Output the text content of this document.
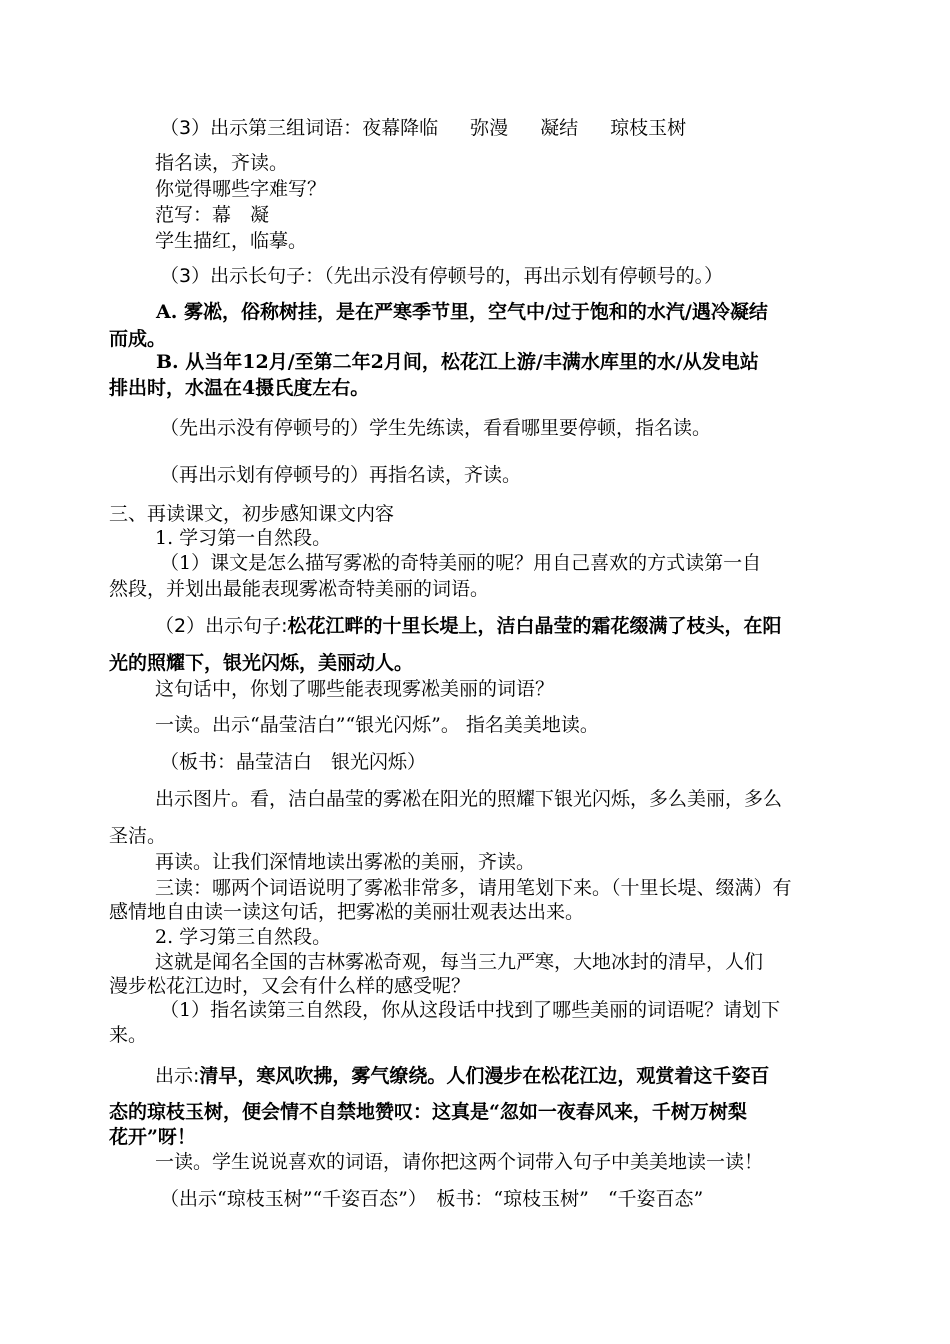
（3）出示第三组词语：夜幕降临 弥漫 凝结 琼枝玉树
指名读，齐读。
你觉得哪些字难写？
范写：幕　凝
学生描红，临摹。
（3）出示长句子：（先出示没有停顿号的，再出示划有停顿号的。）
A. 雾凇，俗称树挂，是在严寒季节里，空气中/过于饱和的水汽/遇冷凝结
而成。
B. 从当年12月/至第二年2月间，松花江上游/丰满水库里的水/从发电站
排出时，水温在4摄氏度左右。
（先出示没有停顿号的）学生先练读，看看哪里要停顿，指名读。
（再出示划有停顿号的）再指名读，齐读。
三、再读课文，初步感知课文内容
1. 学习第一自然段。
（1）课文是怎么描写雾凇的奇特美丽的呢？用自己喜欢的方式读第一自
然段，并划出最能表现雾凇奇特美丽的词语。
（2）出示句子:松花江畔的十里长堤上，洁白晶莹的霜花缀满了枝头，在阳
光的照耀下，银光闪烁，美丽动人。
这句话中，你划了哪些能表现雾凇美丽的词语？
一读。出示“晶莹洁白”“银光闪烁”。 指名美美地读。
（板书：晶莹洁白　银光闪烁）
出示图片。看，洁白晶莹的雾凇在阳光的照耀下银光闪烁，多么美丽，多么
圣洁。
再读。让我们深情地读出雾凇的美丽，齐读。
三读：哪两个词语说明了雾凇非常多，请用笔划下来。（十里长堤、缀满）有
感情地自由读一读这句话，把雾凇的美丽壮观表达出来。
2. 学习第三自然段。
这就是闻名全国的吉林雾凇奇观，每当三九严寒，大地冰封的清早，人们
漫步松花江边时，又会有什么样的感受呢？
（1）指名读第三自然段，你从这段话中找到了哪些美丽的词语呢？请划下
来。
出示:清早，寒风吹拂，雾气缭绕。人们漫步在松花江边，观赏着这千姿百
态的琼枝玉树，便会情不自禁地赞叹：这真是“忽如一夜春风来，千树万树梨
花开”呀！
一读。学生说说喜欢的词语，请你把这两个词带入句子中美美地读一读！
（出示“琼枝玉树”“千姿百态”）　板书：“琼枝玉树”　“千姿百态”
